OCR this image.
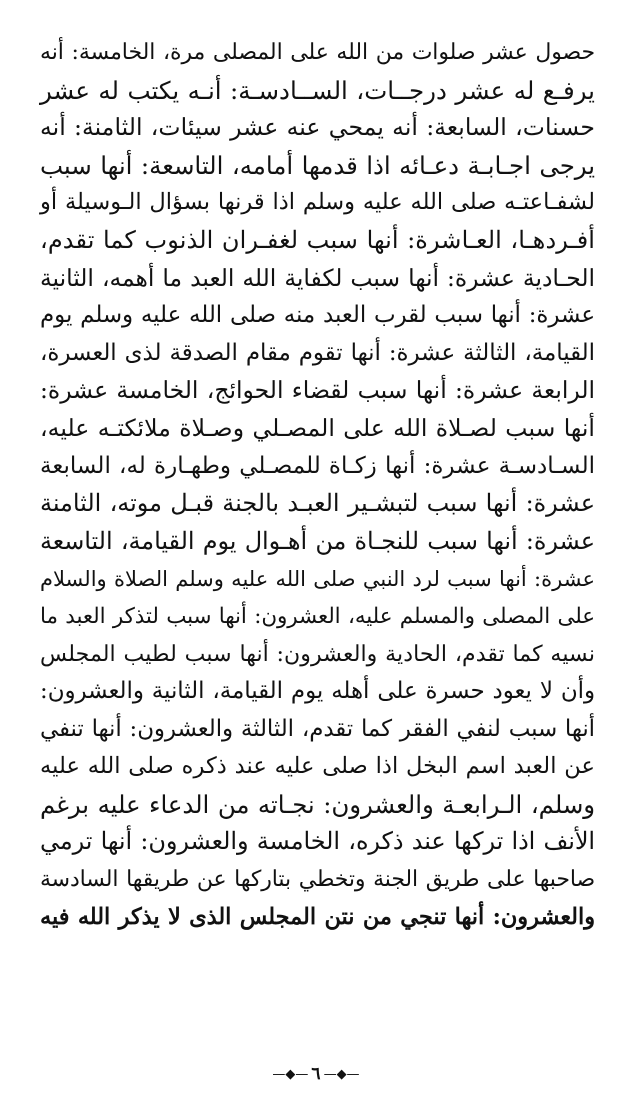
حصول عشر صلوات من الله على المصلى مرة، الخامسة: أنه
يرفـع له عشر درجــات، الســادسـة: أنـه يكتب له عشر
حسنات، السابعة: أنه يمحي عنه عشر سيئات، الثامنة: أنه
يرجى اجـابـة دعـائه اذا قدمها أمامه، التاسعة: أنها سبب
لشفـاعتـه صلى الله عليه وسلم اذا قرنها بسؤال الـوسيلة أو
أفـردهـا، العـاشرة: أنها سبب لغفـران الذنوب كما تقدم،
الحـادية عشرة: أنها سبب لكفاية الله العبد ما أهمه، الثانية
عشرة: أنها سبب لقرب العبد منه صلى الله عليه وسلم يوم
القيامة، الثالثة عشرة: أنها تقوم مقام الصدقة لذى العسرة،
الرابعة عشرة: أنها سبب لقضاء الحوائج، الخامسة عشرة:
أنها سبب لصـلاة الله على المصـلي وصـلاة ملائكتـه عليه،
السـادسـة عشرة: أنها زكـاة للمصـلي وطهـارة له، السابعة
عشرة: أنها سبب لتبشـير العبـد بالجنة قبـل موته، الثامنة
عشرة: أنها سبب للنجـاة من أهـوال يوم القيامة، التاسعة
عشرة: أنها سبب لرد النبي صلى الله عليه وسلم الصلاة والسلام
على المصلى والمسلم عليه، العشرون: أنها سبب لتذكر العبد ما
نسيه كما تقدم، الحادية والعشرون: أنها سبب لطيب المجلس
وأن لا يعود حسرة على أهله يوم القيامة، الثانية والعشرون:
أنها سبب لنفي الفقر كما تقدم، الثالثة والعشرون: أنها تنفي
عن العبد اسم البخل اذا صلى عليه عند ذكره صلى الله عليه
وسلم، الـرابعـة والعشرون: نجـاته من الدعاء عليه برغم
الأنف اذا تركها عند ذكره، الخامسة والعشرون: أنها ترمي
صاحبها على طريق الجنة وتخطي بتاركها عن طريقها السادسة
والعشرون: أنها تنجي من نتن المجلس الذى لا يذكر الله فيه
—◆— ٦ —◆—
